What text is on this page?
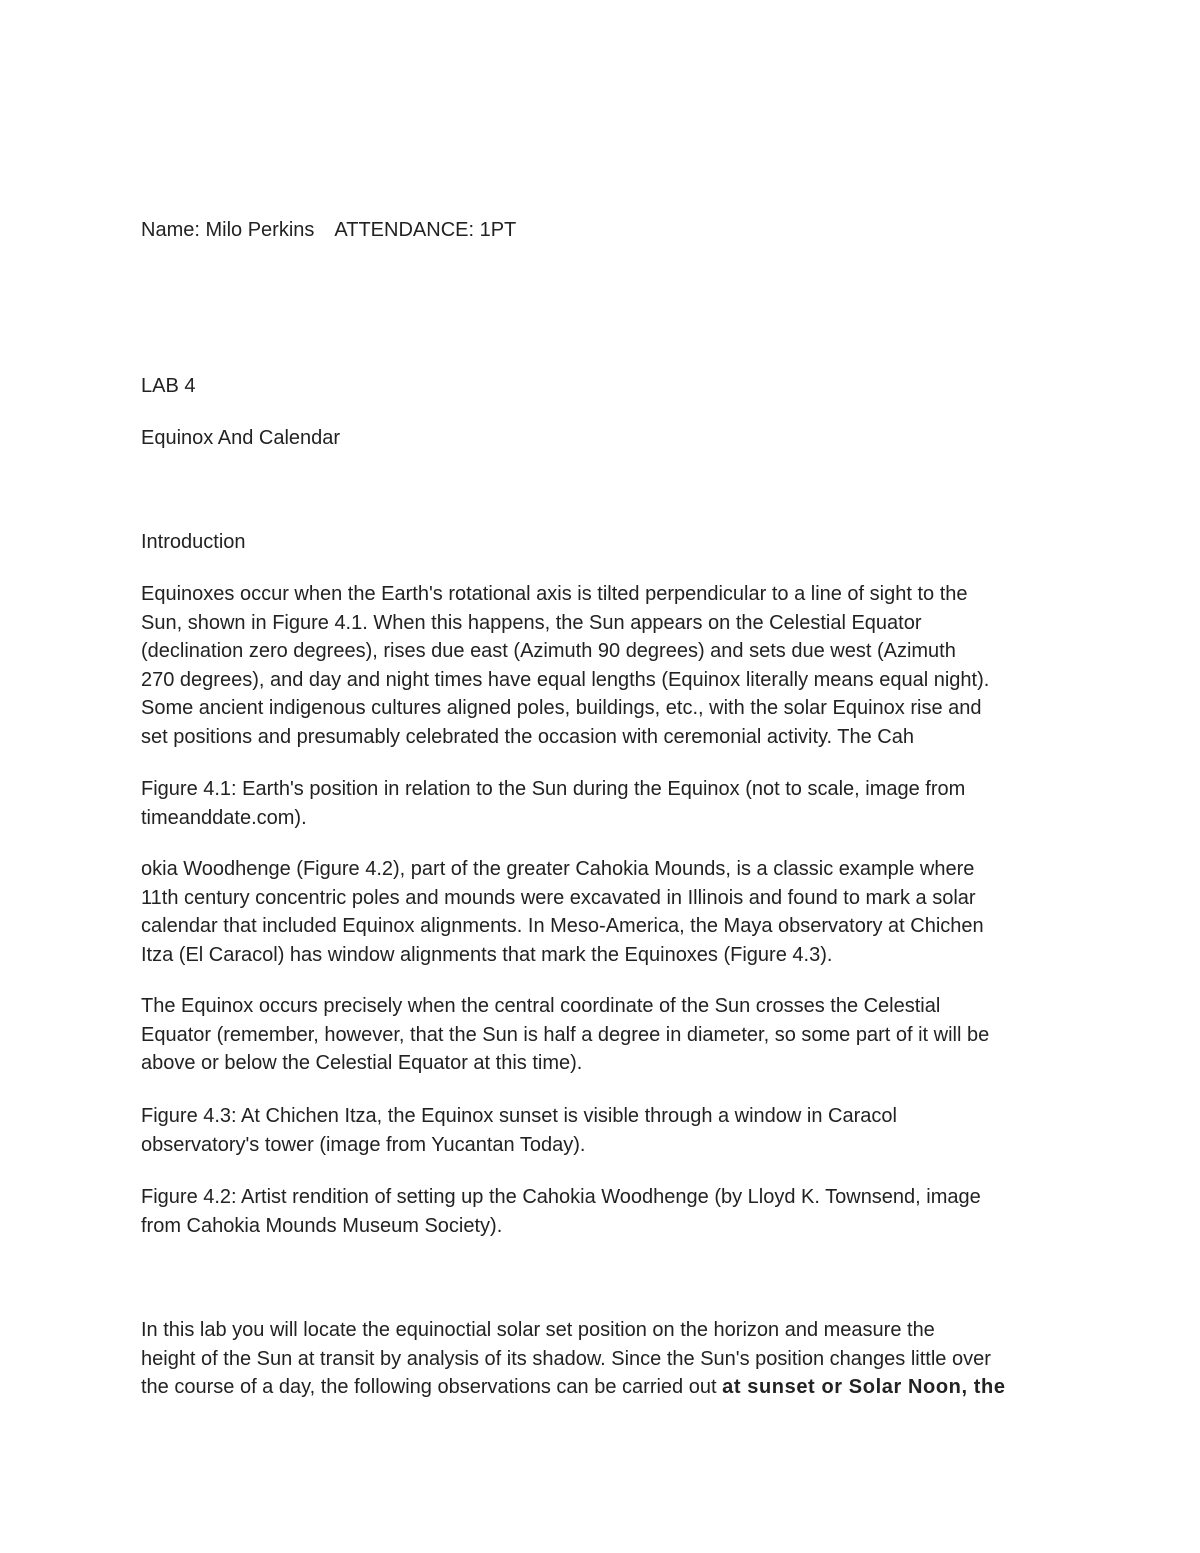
Name: Milo Perkins ATTENDANCE: 1PT

LAB 4

Equinox And Calendar

Introduction

Equinoxes occur when the Earth's rotational axis is tilted perpendicular to a line of sight to the
Sun, shown in Figure 4.1. When this happens, the Sun appears on the Celestial Equator
(declination zero degrees), rises due east (Azimuth 90 degrees) and sets due west (Azimuth
270 degrees), and day and night times have equal lengths (Equinox literally means equal night).
Some ancient indigenous cultures aligned poles, buildings, etc., with the solar Equinox rise and
set positions and presumably celebrated the occasion with ceremonial activity. The Cah
Figure 4.1: Earth's position in relation to the Sun during the Equinox (not to scale, image from
timeanddate.com).
okia Woodhenge (Figure 4.2), part of the greater Cahokia Mounds, is a classic example where
11th century concentric poles and mounds were excavated in Illinois and found to mark a solar
calendar that included Equinox alignments. In Meso-America, the Maya observatory at Chichen
Itza (El Caracol) has window alignments that mark the Equinoxes (Figure 4.3).
The Equinox occurs precisely when the central coordinate of the Sun crosses the Celestial
Equator (remember, however, that the Sun is half a degree in diameter, so some part of it will be
above or below the Celestial Equator at this time).
Figure 4.3: At Chichen Itza, the Equinox sunset is visible through a window in Caracol
observatory's tower (image from Yucantan Today).
Figure 4.2: Artist rendition of setting up the Cahokia Woodhenge (by Lloyd K. Townsend, image
from Cahokia Mounds Museum Society).
In this lab you will locate the equinoctial solar set position on the horizon and measure the
height of the Sun at transit by analysis of its shadow. Since the Sun's position changes little over
the course of a day, the following observations can be carried out at sunset or Solar Noon, the
